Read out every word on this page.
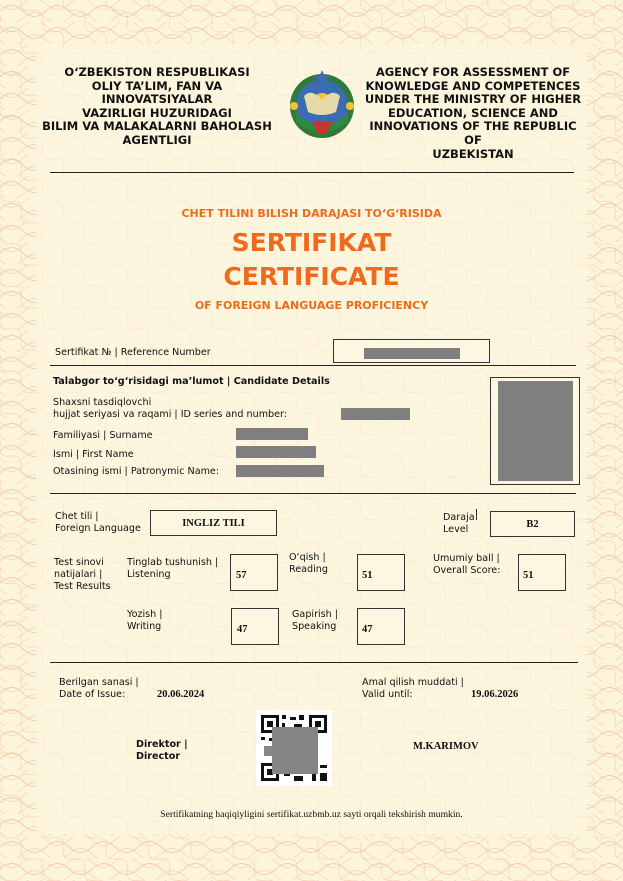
O‘ZBEKISTON RESPUBLIKASI
OLIY TA’LIM, FAN VA INNOVATSIYALAR
VAZIRLIGI HUZURIDAGI
BILIM VA MALAKALARNI BAHOLASH
AGENTLIGI
AGENCY FOR ASSESSMENT OF
KNOWLEDGE AND COMPETENCES
UNDER THE MINISTRY OF HIGHER
EDUCATION, SCIENCE AND
INNOVATIONS OF THE REPUBLIC OF
UZBEKISTAN
CHET TILINI BILISH DARAJASI TO‘G‘RISIDA
SERTIFIKAT
CERTIFICATE
OF FOREIGN LANGUAGE PROFICIENCY
Sertifikat № | Reference Number
Talabgor to‘g‘risidagi ma’lumot | Candidate Details
Shaxsni tasdiqlovchi
hujjat seriyasi va raqami | ID series and number:
Familiyasi | Surname
Ismi | First Name
Otasining ismi | Patronymic Name:
Chet tili |
Foreign Language	INGLIZ TILI
Daraja
Level	B2
Test sinovi
natijalari |
Test Results
Tinglab tushunish |
Listening	57
O‘qish |
Reading
51
Umumiy ball |
Overall Score: 51
Yozish |
Writing	47
Gapirish |
Speaking 47
Berilgan sanasi |
Date of Issue:	20.06.2024
Amal qilish muddati |
Valid until:	19.06.2026
Direktor |
Director
M.KARIMOV
Sertifikatning haqiqiyligini sertifikat.uzbmb.uz sayti orqali tekshirish mumkin.
